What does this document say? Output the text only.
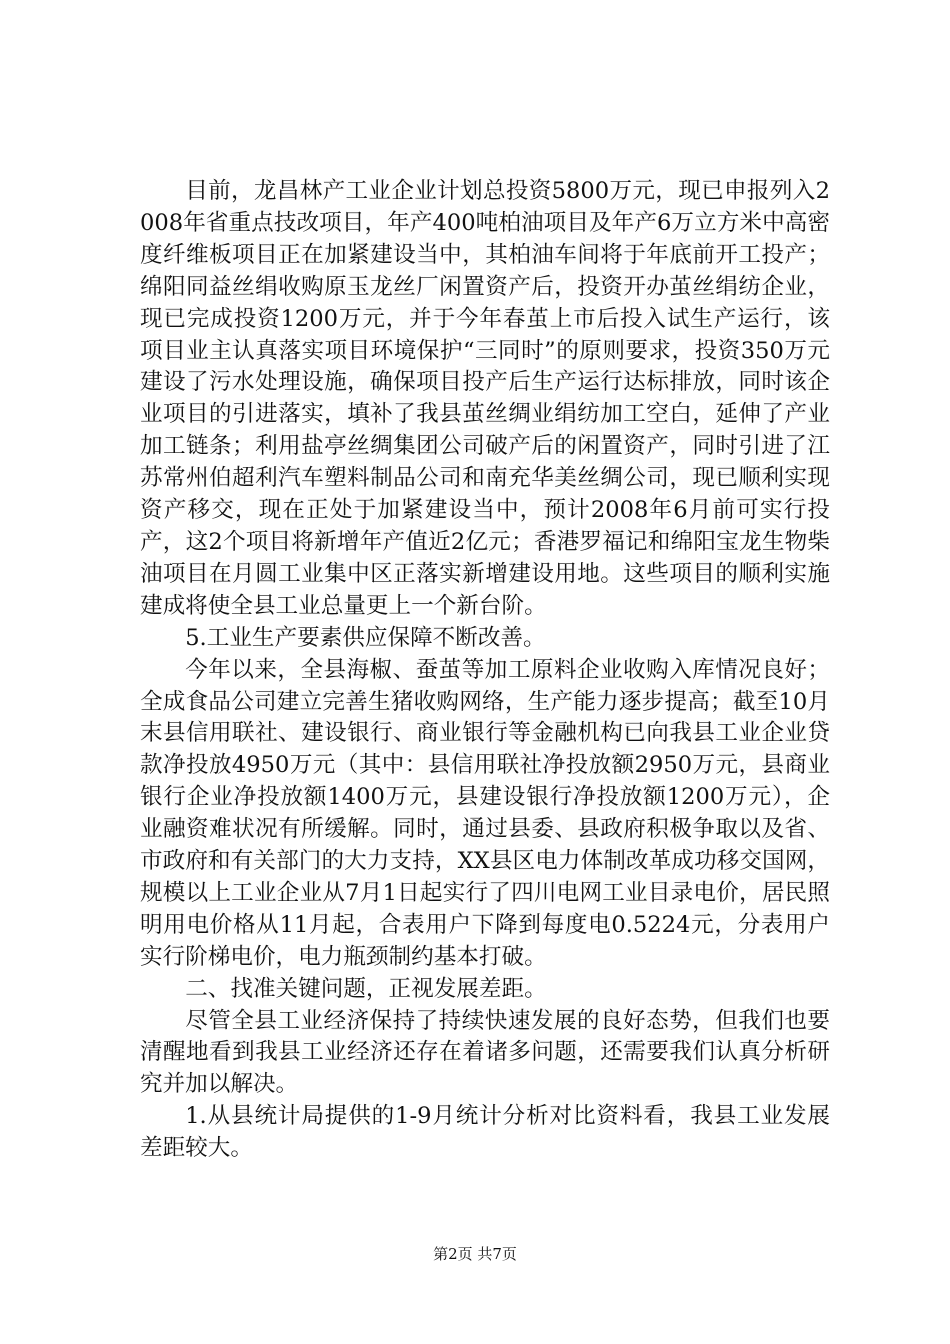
目前，龙昌林产工业企业计划总投资5800万元，现已申报列入2008年省重点技改项目，年产400吨柏油项目及年产6万立方米中高密度纤维板项目正在加紧建设当中，其柏油车间将于年底前开工投产；绵阳同益丝绢收购原玉龙丝厂闲置资产后，投资开办茧丝绢纺企业，现已完成投资1200万元，并于今年春茧上市后投入试生产运行，该项目业主认真落实项目环境保护“三同时”的原则要求，投资350万元建设了污水处理设施，确保项目投产后生产运行达标排放，同时该企业项目的引进落实，填补了我县茧丝绸业绢纺加工空白，延伸了产业加工链条；利用盐亭丝绸集团公司破产后的闲置资产，同时引进了江苏常州伯超利汽车塑料制品公司和南充华美丝绸公司，现已顺利实现资产移交，现在正处于加紧建设当中，预计2008年6月前可实行投产，这2个项目将新增年产值近2亿元；香港罗福记和绵阳宝龙生物柴油项目在月圆工业集中区正落实新增建设用地。这些项目的顺利实施建成将使全县工业总量更上一个新台阶。

5.工业生产要素供应保障不断改善。

今年以来，全县海椒、蚕茧等加工原料企业收购入库情况良好；全成食品公司建立完善生猪收购网络，生产能力逐步提高；截至10月末县信用联社、建设银行、商业银行等金融机构已向我县工业企业贷款净投放4950万元（其中：县信用联社净投放额2950万元，县商业银行企业净投放额1400万元，县建设银行净投放额1200万元），企业融资难状况有所缓解。同时，通过县委、县政府积极争取以及省、市政府和有关部门的大力支持，XX县区电力体制改革成功移交国网，规模以上工业企业从7月1日起实行了四川电网工业目录电价，居民照明用电价格从11月起，合表用户下降到每度电0.5224元，分表用户实行阶梯电价，电力瓶颈制约基本打破。

二、找准关键问题，正视发展差距。

尽管全县工业经济保持了持续快速发展的良好态势，但我们也要清醒地看到我县工业经济还存在着诸多问题，还需要我们认真分析研究并加以解决。

1.从县统计局提供的1-9月统计分析对比资料看，我县工业发展差距较大。

第2页 共7页
